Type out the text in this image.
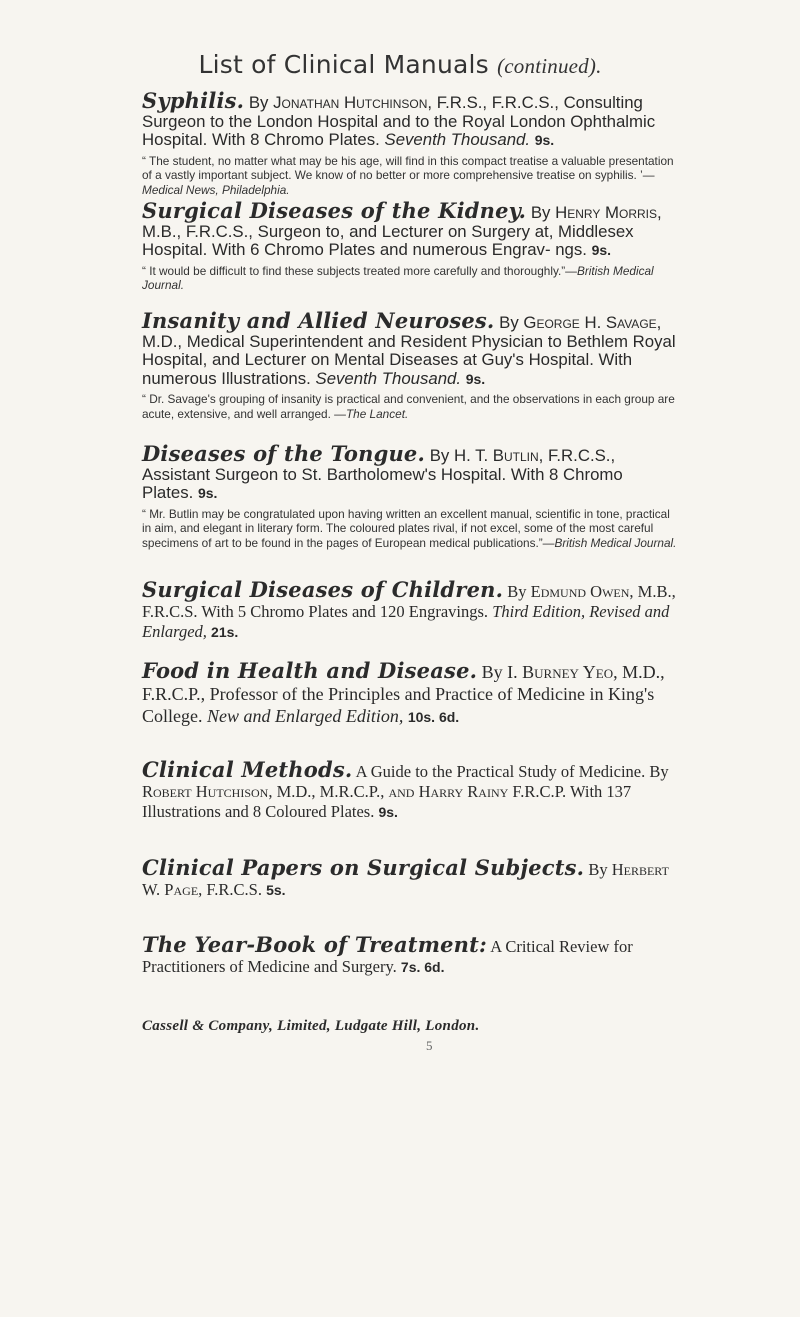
List of Clinical Manuals (continued).

Syphilis. By Jonathan Hutchinson, F.R.S., F.R.C.S., Consulting Surgeon to the London Hospital and to the Royal London Ophthalmic Hospital. With 8 Chromo Plates. Seventh Thousand. 9s.

“ The student, no matter what may be his age, will find in this compact treatise a valuable presentation of a vastly important subject. We know of no better or more comprehensive treatise on syphilis. ’—Medical News, Philadelphia.

Surgical Diseases of the Kidney. By Henry Morris, M.B., F.R.C.S., Surgeon to, and Lecturer on Surgery at, Middlesex Hospital. With 6 Chromo Plates and numerous Engrav- ngs. 9s.

“ It would be difficult to find these subjects treated more carefully and thoroughly.”—British Medical Journal.

Insanity and Allied Neuroses. By George H. Savage, M.D., Medical Superintendent and Resident Physician to Bethlem Royal Hospital, and Lecturer on Mental Diseases at Guy's Hospital. With numerous Illustrations. Seventh Thousand. 9s.

“ Dr. Savage's grouping of insanity is practical and convenient, and the observations in each group are acute, extensive, and well arranged. —The Lancet.

Diseases of the Tongue. By H. T. Butlin, F.R.C.S., Assistant Surgeon to St. Bartholomew's Hospital. With 8 Chromo Plates. 9s.

“ Mr. Butlin may be congratulated upon having written an excellent manual, scientific in tone, practical in aim, and elegant in literary form. The coloured plates rival, if not excel, some of the most careful specimens of art to be found in the pages of European medical publications.”—British Medical Journal.

Surgical Diseases of Children. By Edmund Owen, M.B., F.R.C.S. With 5 Chromo Plates and 120 Engravings. Third Edition, Revised and Enlarged, 21s.

Food in Health and Disease. By I. Burney Yeo, M.D., F.R.C.P., Professor of the Principles and Practice of Medicine in King's College. New and Enlarged Edition, 10s. 6d.

Clinical Methods. A Guide to the Practical Study of Medicine. By Robert Hutchison, M.D., M.R.C.P., and Harry Rainy F.R.C.P. With 137 Illustrations and 8 Coloured Plates. 9s.

Clinical Papers on Surgical Subjects. By Herbert W. Page, F.R.C.S. 5s.

The Year-Book of Treatment: A Critical Review for Practitioners of Medicine and Surgery. 7s. 6d.

Cassell & Company, Limited, Ludgate Hill, London.
5
